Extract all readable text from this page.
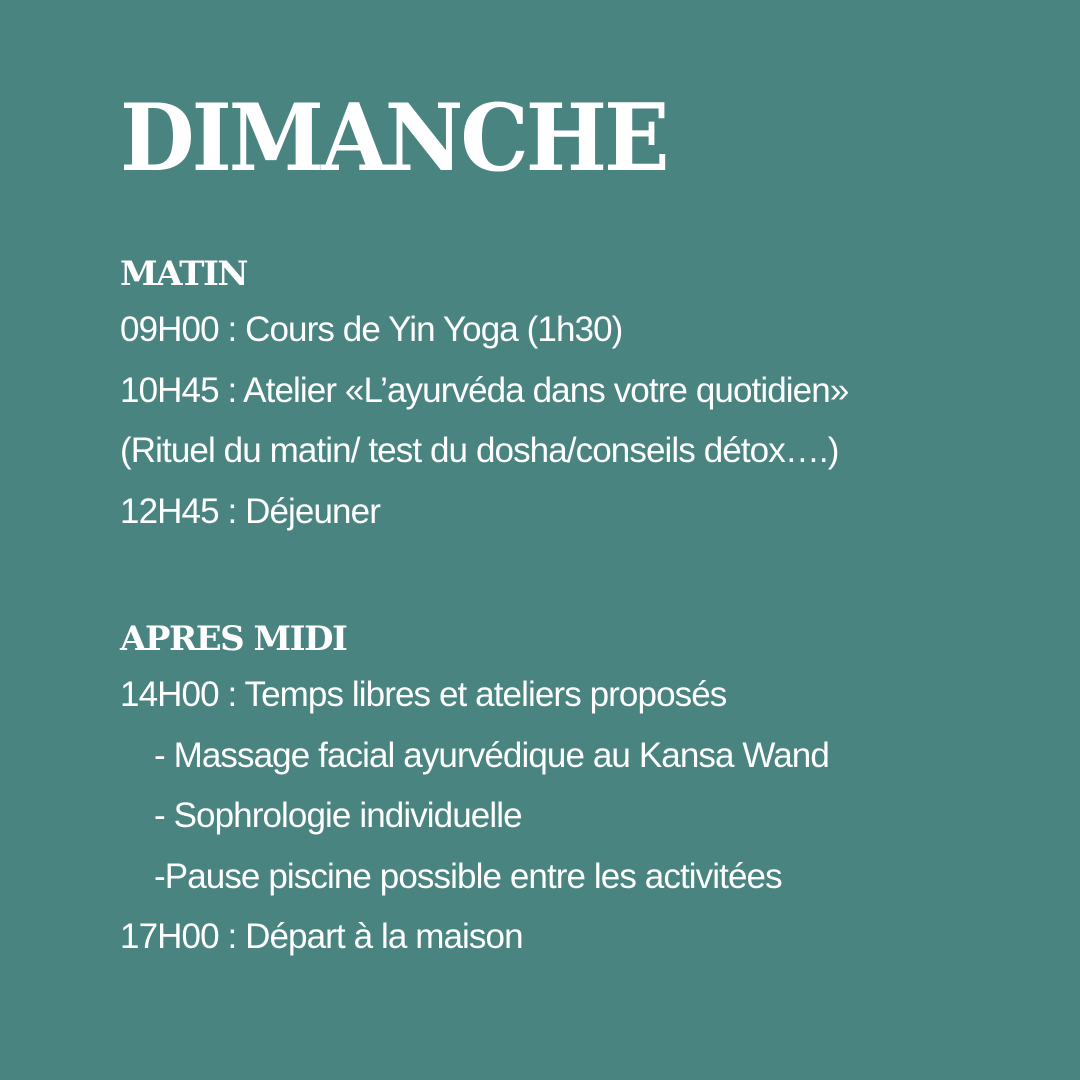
DIMANCHE
MATIN
09H00 : Cours de Yin Yoga (1h30)
10H45 : Atelier «L’ayurvéda dans votre quotidien»
(Rituel du matin/ test du dosha/conseils détox….)
12H45 : Déjeuner
APRES MIDI
14H00 : Temps libres et ateliers proposés
- Massage facial ayurvédique au Kansa Wand
- Sophrologie individuelle
-Pause piscine possible entre les activitées
17H00 : Départ à la maison
